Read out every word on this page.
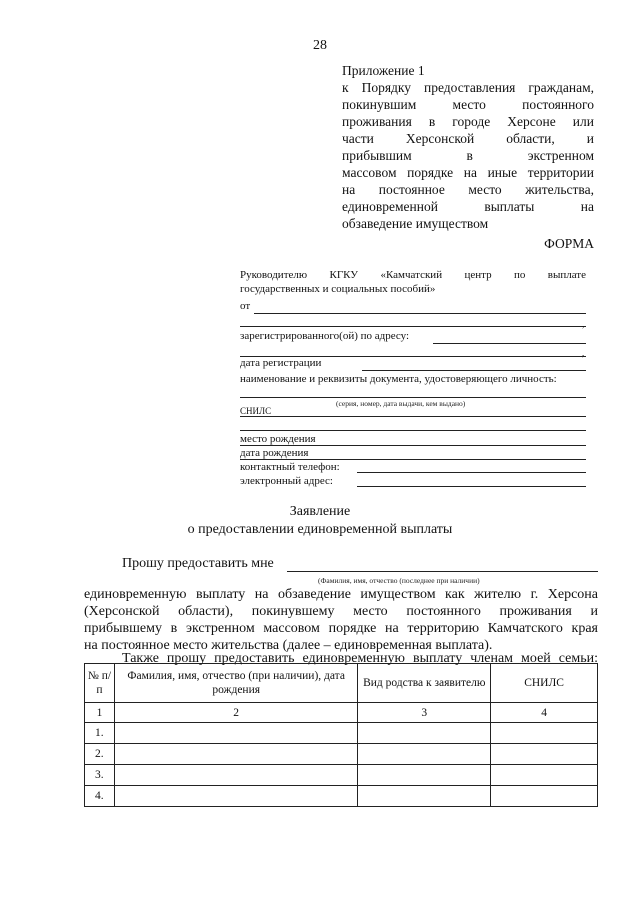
28
Приложение 1
к Порядку предоставления гражданам,
покинувшим место постоянного
проживания в городе Херсоне или
части Херсонской области, и
прибывшим в экстренном
массовом порядке на иные территории
на постоянное место жительства,
единовременной выплаты на
обзаведение имуществом
ФОРМА
Руководителю КГКУ «Камчатский центр по выплате
государственных и социальных пособий»
от
,
зарегистрированного(ой) по адресу:
,
дата регистрации
наименование и реквизиты документа, удостоверяющего личность:
(серия, номер, дата выдачи, кем выдано)
СНИЛС
место рождения
дата рождения
контактный телефон:
электронный адрес:
Заявление
о предоставлении единовременной выплаты
Прошу предоставить мне
(Фамилия, имя, отчество (последнее при наличии)
единовременную выплату на обзаведение имуществом как жителю г. Херсона
(Херсонской области), покинувшему место постоянного проживания и
прибывшему в экстренном массовом порядке на территорию Камчатского края
на постоянное место жительства (далее – единовременная выплата).
Также прошу предоставить единовременную выплату членам моей семьи:
№ п/п	Фамилия, имя, отчество (при наличии), дата рождения	Вид родства к заявителю	СНИЛС
1	2	3	4
1.			
2.			
3.			
4.			
